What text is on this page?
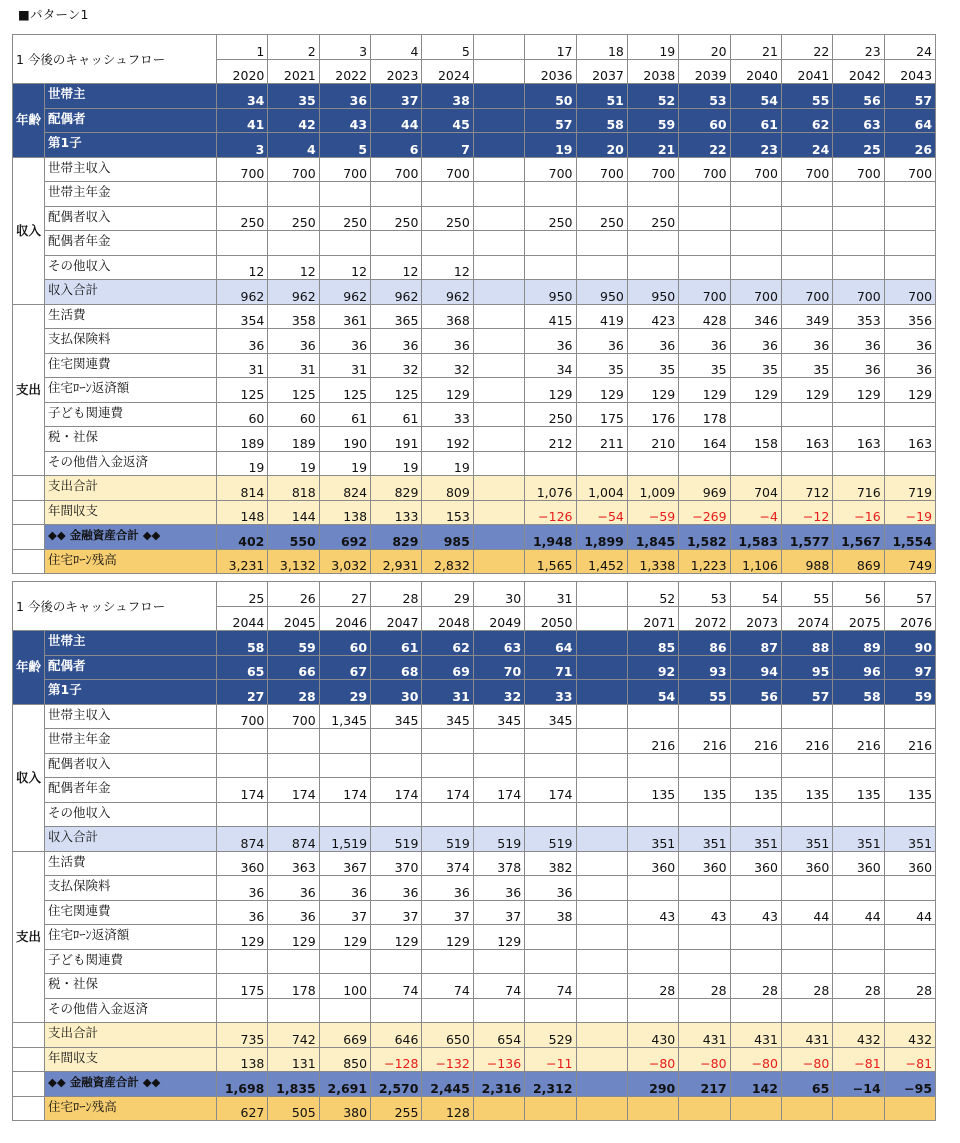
■パターン1
1 今後のキャッシュフロー		1	2	3	4	5		17	18	19	20	21	22	23	24
		2020	2021	2022	2023	2024		2036	2037	2038	2039	2040	2041	2042	2043
年齢	世帯主	34	35	36	37	38		50	51	52	53	54	55	56	57
	配偶者	41	42	43	44	45		57	58	59	60	61	62	63	64
	第1子	3	4	5	6	7		19	20	21	22	23	24	25	26
収入	世帯主収入	700	700	700	700	700		700	700	700	700	700	700	700	700
	世帯主年金														
	配偶者収入	250	250	250	250	250		250	250	250					
	配偶者年金														
	その他収入	12	12	12	12	12									
	収入合計	962	962	962	962	962		950	950	950	700	700	700	700	700
支出	生活費	354	358	361	365	368		415	419	423	428	346	349	353	356
	支払保険料	36	36	36	36	36		36	36	36	36	36	36	36	36
	住宅関連費	31	31	31	32	32		34	35	35	35	35	35	36	36
	住宅ﾛｰﾝ返済額	125	125	125	125	129		129	129	129	129	129	129	129	129
	子ども関連費	60	60	61	61	33		250	175	176	178				
	税・社保	189	189	190	191	192		212	211	210	164	158	163	163	163
	その他借入金返済	19	19	19	19	19									
	支出合計	814	818	824	829	809		1,076	1,004	1,009	969	704	712	716	719
	年間収支	148	144	138	133	153		−126	−54	−59	−269	−4	−12	−16	−19
	◆◆ 金融資産合計 ◆◆	402	550	692	829	985		1,948	1,899	1,845	1,582	1,583	1,577	1,567	1,554
	住宅ﾛｰﾝ残高	3,231	3,132	3,032	2,931	2,832		1,565	1,452	1,338	1,223	1,106	988	869	749
1 今後のキャッシュフロー		25	26	27	28	29	30	31		52	53	54	55	56	57
		2044	2045	2046	2047	2048	2049	2050		2071	2072	2073	2074	2075	2076
年齢	世帯主	58	59	60	61	62	63	64		85	86	87	88	89	90
	配偶者	65	66	67	68	69	70	71		92	93	94	95	96	97
	第1子	27	28	29	30	31	32	33		54	55	56	57	58	59
収入	世帯主収入	700	700	1,345	345	345	345	345							
	世帯主年金									216	216	216	216	216	216
	配偶者収入														
	配偶者年金	174	174	174	174	174	174	174		135	135	135	135	135	135
	その他収入														
	収入合計	874	874	1,519	519	519	519	519		351	351	351	351	351	351
支出	生活費	360	363	367	370	374	378	382		360	360	360	360	360	360
	支払保険料	36	36	36	36	36	36	36							
	住宅関連費	36	36	37	37	37	37	38		43	43	43	44	44	44
	住宅ﾛｰﾝ返済額	129	129	129	129	129	129								
	子ども関連費														
	税・社保	175	178	100	74	74	74	74		28	28	28	28	28	28
	その他借入金返済														
	支出合計	735	742	669	646	650	654	529		430	431	431	431	432	432
	年間収支	138	131	850	−128	−132	−136	−11		−80	−80	−80	−80	−81	−81
	◆◆ 金融資産合計 ◆◆	1,698	1,835	2,691	2,570	2,445	2,316	2,312		290	217	142	65	−14	−95
	住宅ﾛｰﾝ残高	627	505	380	255	128									
